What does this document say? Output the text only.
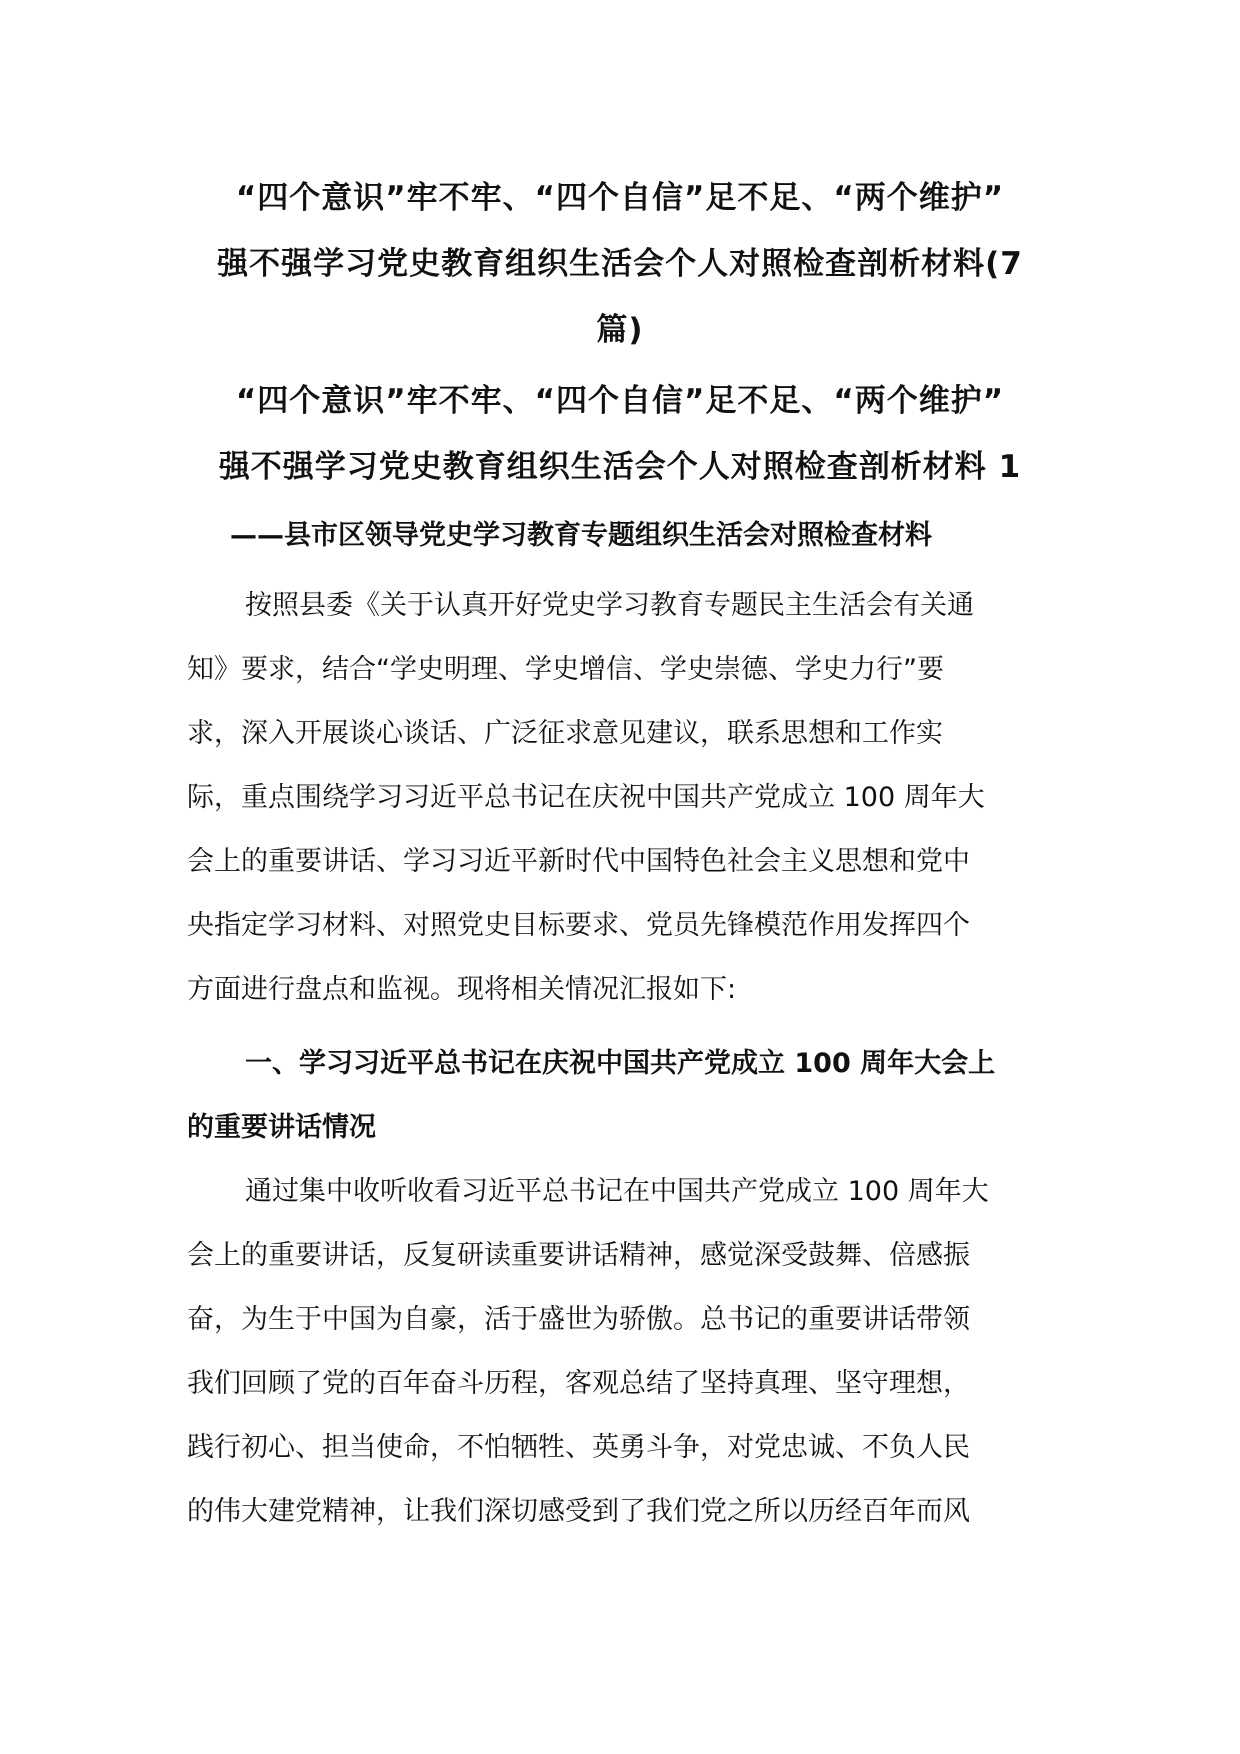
“四个意识”牢不牢、“四个自信”足不足、“两个维护”
强不强学习党史教育组织生活会个人对照检查剖析材料(7
篇)
“四个意识”牢不牢、“四个自信”足不足、“两个维护”
强不强学习党史教育组织生活会个人对照检查剖析材料 1
——县市区领导党史学习教育专题组织生活会对照检查材料
按照县委《关于认真开好党史学习教育专题民主生活会有关通
知》要求，结合“学史明理、学史增信、学史崇德、学史力行”要
求，深入开展谈心谈话、广泛征求意见建议，联系思想和工作实
际，重点围绕学习习近平总书记在庆祝中国共产党成立 100 周年大
会上的重要讲话、学习习近平新时代中国特色社会主义思想和党中
央指定学习材料、对照党史目标要求、党员先锋模范作用发挥四个
方面进行盘点和监视。现将相关情况汇报如下:
一、学习习近平总书记在庆祝中国共产党成立 100 周年大会上
的重要讲话情况
通过集中收听收看习近平总书记在中国共产党成立 100 周年大
会上的重要讲话，反复研读重要讲话精神，感觉深受鼓舞、倍感振
奋，为生于中国为自豪，活于盛世为骄傲。总书记的重要讲话带领
我们回顾了党的百年奋斗历程，客观总结了坚持真理、坚守理想，
践行初心、担当使命，不怕牺牲、英勇斗争，对党忠诚、不负人民
的伟大建党精神，让我们深切感受到了我们党之所以历经百年而风
